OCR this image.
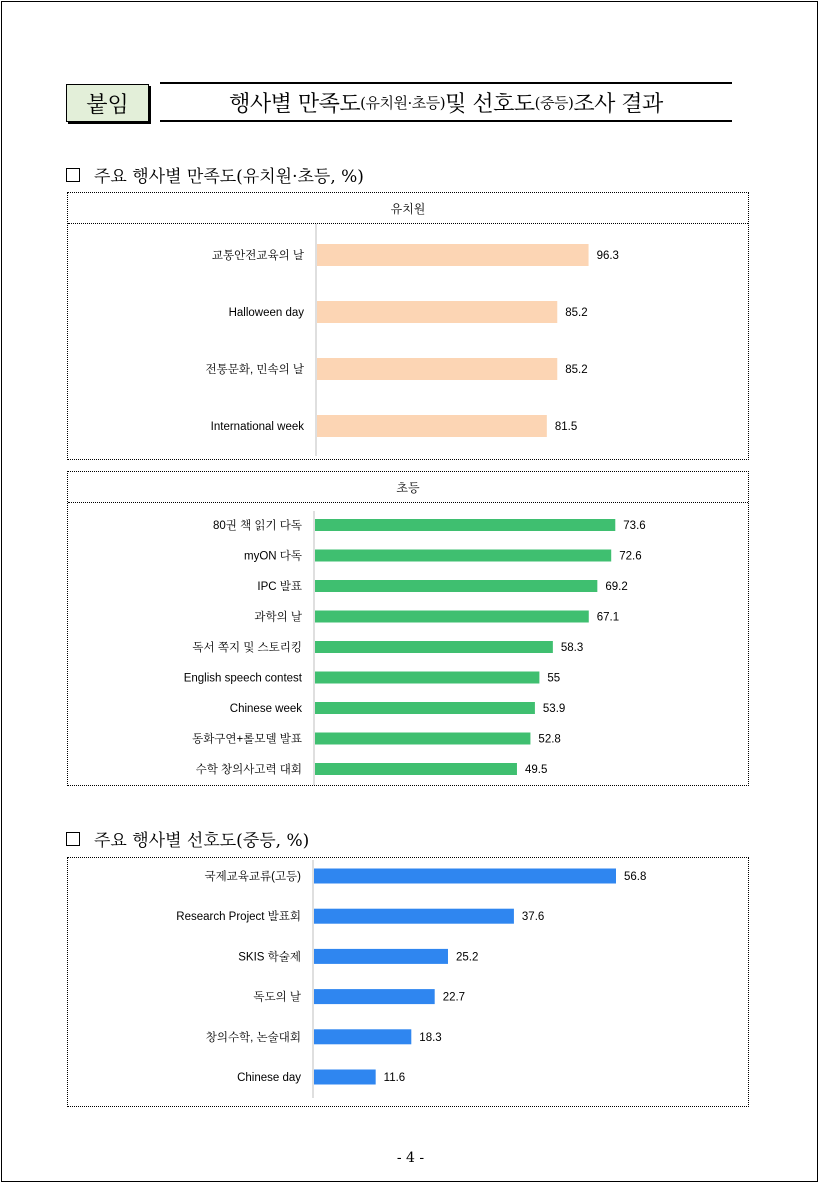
붙임	행사별 만족도 (유치원·초등) 및 선호도 (중등) 조사 결과
주요 행사별 만족도(유치원·초등, %)
유치원
교통안전교육의 날	96.3
Halloween day	85.2
전통문화, 민속의 날	85.2
International week	81.5
초등
80권 책 읽기 다독	73.6
myON 다독	72.6
IPC 발표	69.2
과학의 날	67.1
독서 쪽지 및 스토리킹	58.3
English speech contest	55
Chinese week	53.9
동화구연+롤모델 발표	52.8
수학 창의사고력 대회	49.5
주요 행사별 선호도(중등, %)
국제교육교류(고등)	56.8
Research Project 발표회	37.6
SKIS 학술제	25.2
독도의 날	22.7
창의수학, 논술대회	18.3
Chinese day	11.6
- 4 -
